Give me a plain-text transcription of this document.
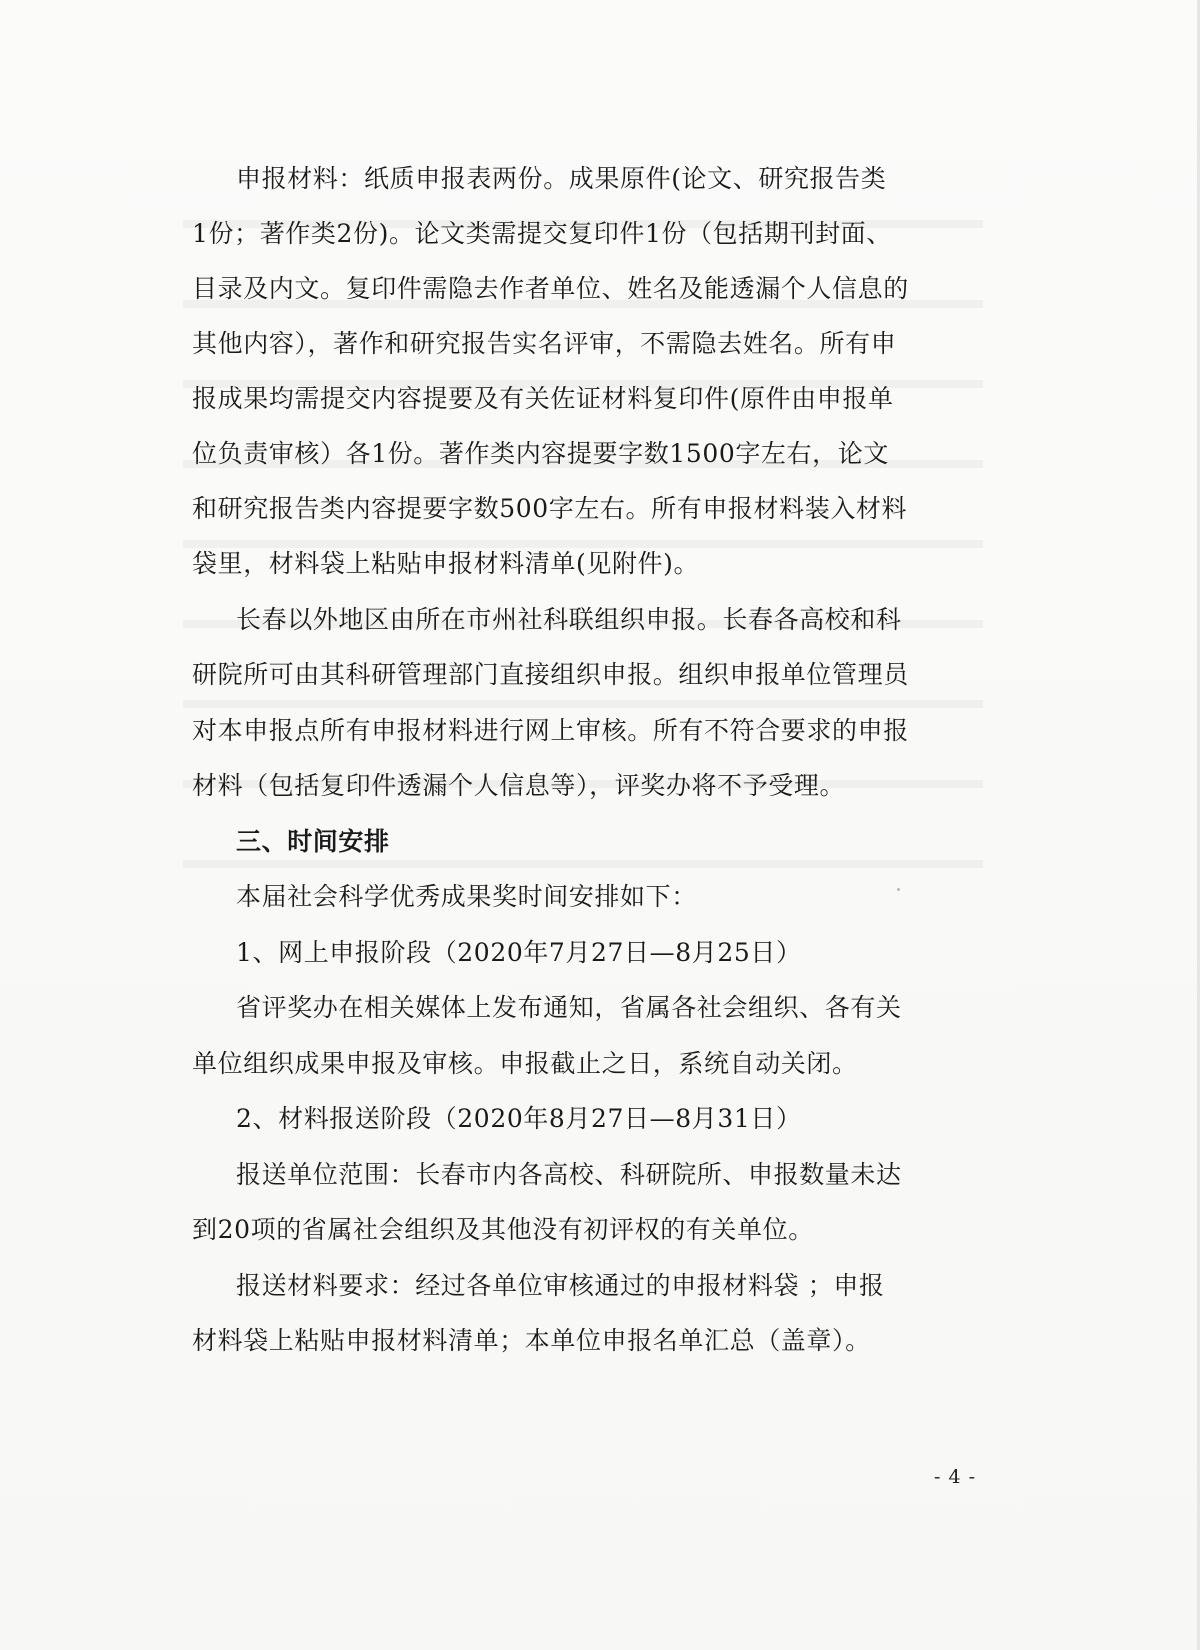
申报材料：纸质申报表两份。成果原件(论文、研究报告类
1份；著作类2份)。论文类需提交复印件1份（包括期刊封面、
目录及内文。复印件需隐去作者单位、姓名及能透漏个人信息的
其他内容），著作和研究报告实名评审，不需隐去姓名。所有申
报成果均需提交内容提要及有关佐证材料复印件(原件由申报单
位负责审核）各1份。著作类内容提要字数1500字左右，论文
和研究报告类内容提要字数500字左右。所有申报材料装入材料
袋里，材料袋上粘贴申报材料清单(见附件)。
长春以外地区由所在市州社科联组织申报。长春各高校和科
研院所可由其科研管理部门直接组织申报。组织申报单位管理员
对本申报点所有申报材料进行网上审核。所有不符合要求的申报
材料（包括复印件透漏个人信息等），评奖办将不予受理。
三、时间安排
本届社会科学优秀成果奖时间安排如下：
1、网上申报阶段（2020年7月27日—8月25日）
省评奖办在相关媒体上发布通知，省属各社会组织、各有关
单位组织成果申报及审核。申报截止之日，系统自动关闭。
2、材料报送阶段（2020年8月27日—8月31日）
报送单位范围：长春市内各高校、科研院所、申报数量未达
到20项的省属社会组织及其他没有初评权的有关单位。
报送材料要求：经过各单位审核通过的申报材料袋 ；申报
材料袋上粘贴申报材料清单；本单位申报名单汇总（盖章）。
- 4 -
